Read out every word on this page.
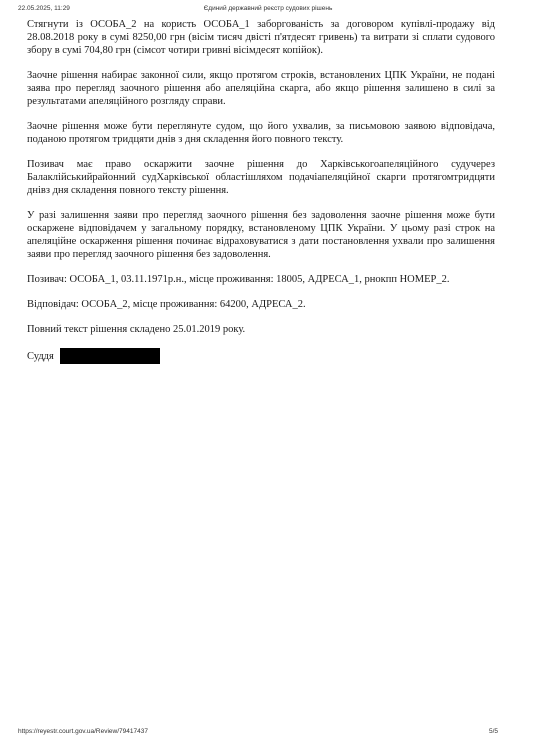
22.05.2025, 11:29	Єдиний державний реєстр судових рішень

Стягнути із ОСОБА_2 на користь ОСОБА_1 заборгованість за договором купівлі-продажу від 28.08.2018 року в сумі 8250,00 грн (вісім тисяч двісті п'ятдесят гривень) та витрати зі сплати судового збору в сумі 704,80 грн (сімсот чотири гривні вісімдесят копійок).

Заочне рішення набирає законної сили, якщо протягом строків, встановлених ЦПК України, не подані заява про перегляд заочного рішення або апеляційна скарга, або якщо рішення залишено в силі за результатами апеляційного розгляду справи.

Заочне рішення може бути переглянуте судом, що його ухвалив, за письмовою заявою відповідача, поданою протягом тридцяти днів з дня складення його повного тексту.

Позивач має право оскаржити заочне рішення до Харківськогоапеляційного судучерез Балаклійськийрайонний судХарківської областішляхом подачіапеляційної скарги протягомтридцяти днівз дня складення повного тексту рішення.

У разі залишення заяви про перегляд заочного рішення без задоволення заочне рішення може бути оскаржене відповідачем у загальному порядку, встановленому ЦПК України. У цьому разі строк на апеляційне оскарження рішення починає відраховуватися з дати постановлення ухвали про залишення заяви про перегляд заочного рішення без задоволення.

Позивач: ОСОБА_1, 03.11.1971р.н., місце проживання: 18005, АДРЕСА_1, рнокпп НОМЕР_2.

Відповідач: ОСОБА_2, місце проживання: 64200, АДРЕСА_2.

Повний текст рішення складено 25.01.2019 року.

Суддя
https://reyestr.court.gov.ua/Review/79417437	5/5
